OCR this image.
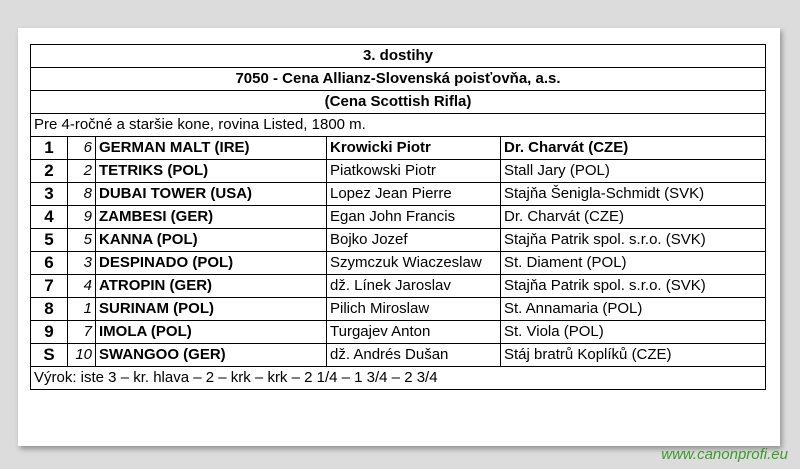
3. dostihy				
7050 - Cena Allianz-Slovenská poisťovňa, a.s.				
(Cena Scottish Rifla)				
Pre 4-ročné a staršie kone, rovina Listed, 1800 m.				
1	6	GERMAN MALT (IRE)	Krowicki Piotr	Dr. Charvát (CZE)
2	2	TETRIKS (POL)	Piatkowski Piotr	Stall Jary (POL)
3	8	DUBAI TOWER (USA)	Lopez Jean Pierre	Stajňa Šenigla-Schmidt (SVK)
4	9	ZAMBESI (GER)	Egan John Francis	Dr. Charvát (CZE)
5	5	KANNA (POL)	Bojko Jozef	Stajňa Patrik spol. s.r.o. (SVK)
6	3	DESPINADO (POL)	Szymczuk Wiaczeslaw	St. Diament (POL)
7	4	ATROPIN (GER)	dž. Línek Jaroslav	Stajňa Patrik spol. s.r.o. (SVK)
8	1	SURINAM (POL)	Pilich Miroslaw	St. Annamaria (POL)
9	7	IMOLA (POL)	Turgajev Anton	St. Viola (POL)
S	10	SWANGOO (GER)	dž. Andrés Dušan	Stáj bratrů Koplíků (CZE)
Výrok: iste 3 – kr. hlava – 2 – krk – krk – 2 1/4 – 1 3/4 – 2 3/4				
www.canonprofi.eu
